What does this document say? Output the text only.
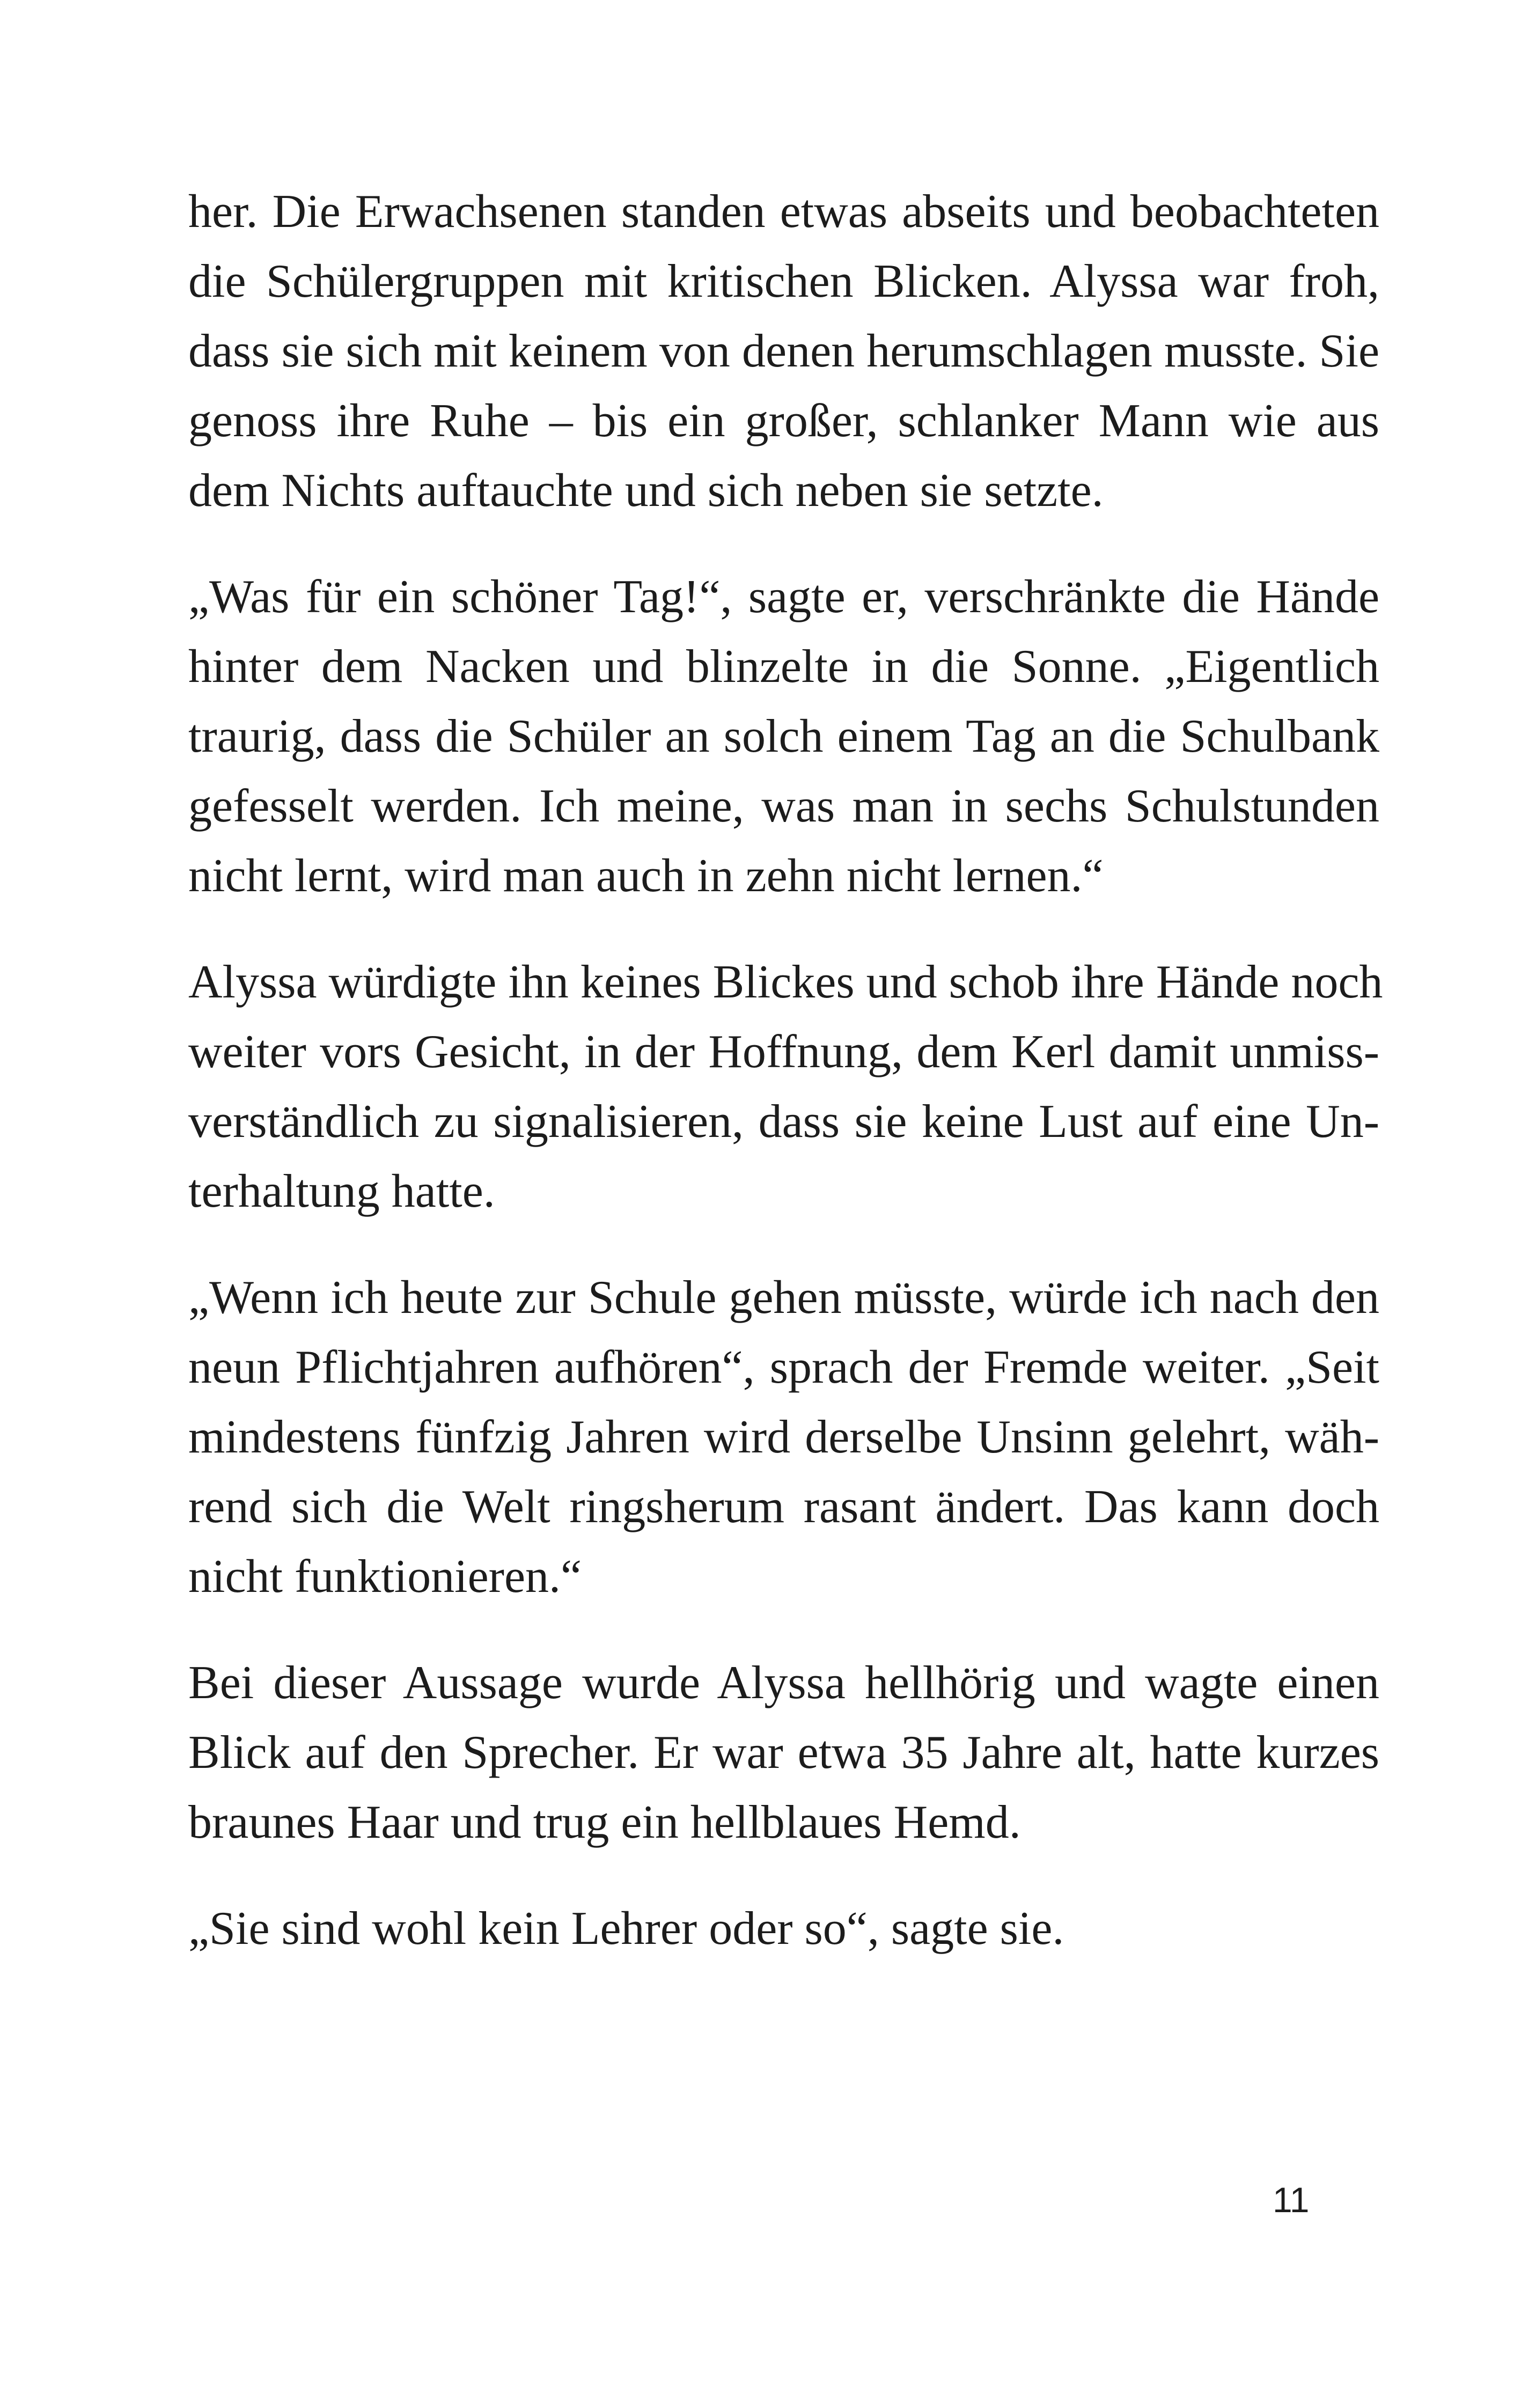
her. Die Erwachsenen standen etwas abseits und beobachteten
die Schülergruppen mit kritischen Blicken. Alyssa war froh,
dass sie sich mit keinem von denen herumschlagen musste. Sie
genoss ihre Ruhe – bis ein großer, schlanker Mann wie aus
dem Nichts auftauchte und sich neben sie setzte.

„Was für ein schöner Tag!“, sagte er, verschränkte die Hände
hinter dem Nacken und blinzelte in die Sonne. „Eigentlich
traurig, dass die Schüler an solch einem Tag an die Schulbank
gefesselt werden. Ich meine, was man in sechs Schulstunden
nicht lernt, wird man auch in zehn nicht lernen.“

Alyssa würdigte ihn keines Blickes und schob ihre Hände noch
weiter vors Gesicht, in der Hoffnung, dem Kerl damit unmiss-
verständlich zu signalisieren, dass sie keine Lust auf eine Un-
terhaltung hatte.

„Wenn ich heute zur Schule gehen müsste, würde ich nach den
neun Pflichtjahren aufhören“, sprach der Fremde weiter. „Seit
mindestens fünfzig Jahren wird derselbe Unsinn gelehrt, wäh-
rend sich die Welt ringsherum rasant ändert. Das kann doch
nicht funktionieren.“

Bei dieser Aussage wurde Alyssa hellhörig und wagte einen
Blick auf den Sprecher. Er war etwa 35 Jahre alt, hatte kurzes
braunes Haar und trug ein hellblaues Hemd.

„Sie sind wohl kein Lehrer oder so“, sagte sie.

11
